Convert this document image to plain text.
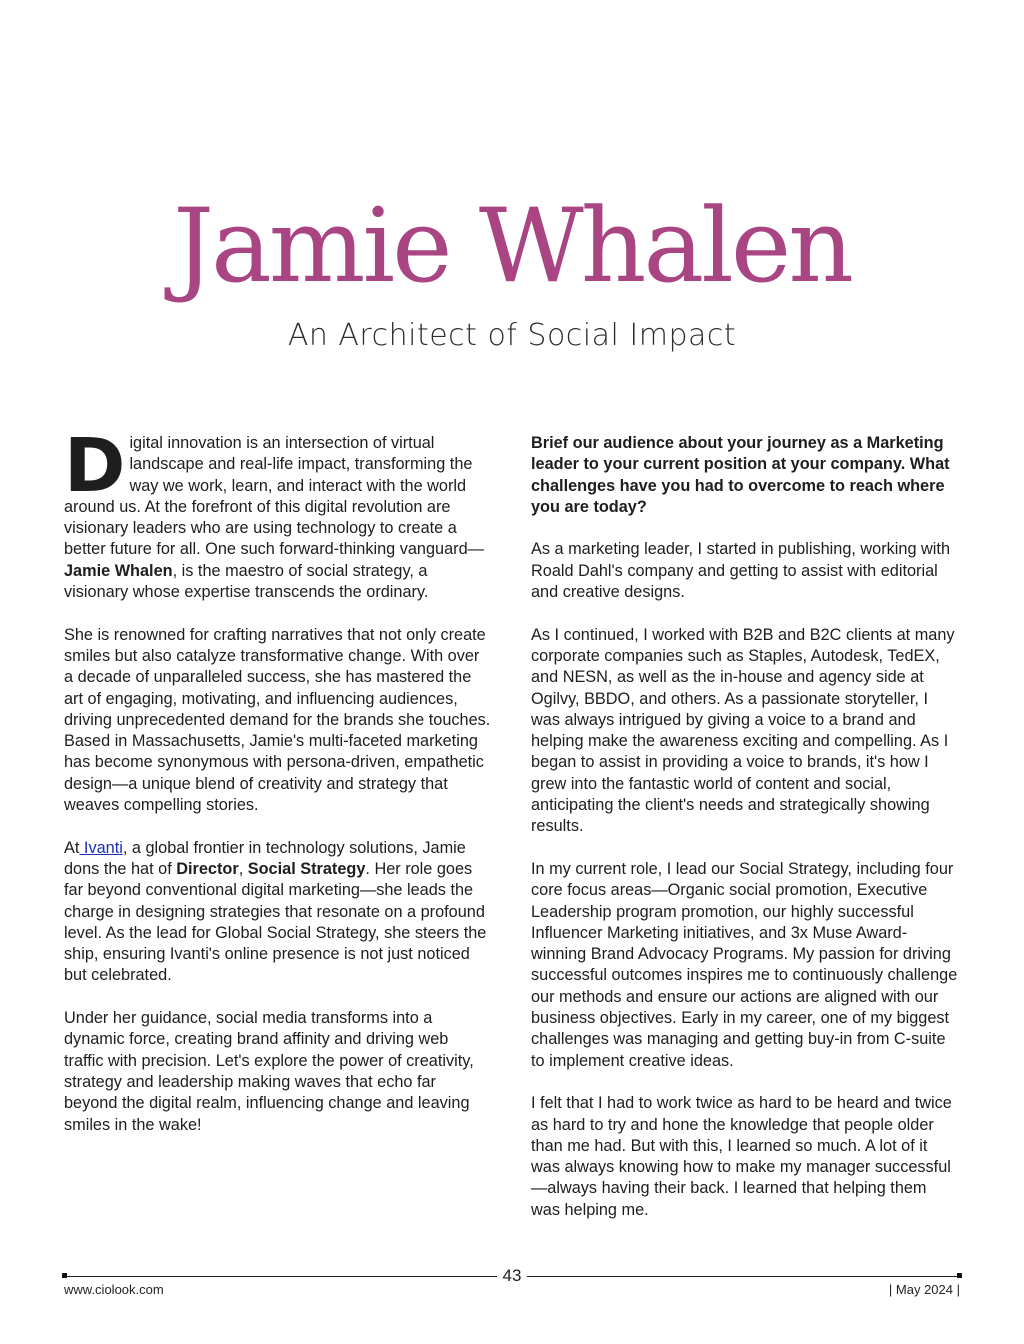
Jamie Whalen
An Architect of Social Impact

Digital innovation is an intersection of virtual landscape and real-life impact, transforming the way we work, learn, and interact with the world around us. At the forefront of this digital revolution are visionary leaders who are using technology to create a better future for all. One such forward-thinking vanguard—Jamie Whalen, is the maestro of social strategy, a visionary whose expertise transcends the ordinary.

She is renowned for crafting narratives that not only create smiles but also catalyze transformative change. With over a decade of unparalleled success, she has mastered the art of engaging, motivating, and influencing audiences, driving unprecedented demand for the brands she touches. Based in Massachusetts, Jamie's multi-faceted marketing has become synonymous with persona-driven, empathetic design—a unique blend of creativity and strategy that weaves compelling stories.

At Ivanti, a global frontier in technology solutions, Jamie dons the hat of Director, Social Strategy. Her role goes far beyond conventional digital marketing—she leads the charge in designing strategies that resonate on a profound level. As the lead for Global Social Strategy, she steers the ship, ensuring Ivanti's online presence is not just noticed but celebrated.

Under her guidance, social media transforms into a dynamic force, creating brand affinity and driving web traffic with precision. Let's explore the power of creativity, strategy and leadership making waves that echo far beyond the digital realm, influencing change and leaving smiles in the wake!

Brief our audience about your journey as a Marketing leader to your current position at your company. What challenges have you had to overcome to reach where you are today?

As a marketing leader, I started in publishing, working with Roald Dahl's company and getting to assist with editorial and creative designs.

As I continued, I worked with B2B and B2C clients at many corporate companies such as Staples, Autodesk, TedEX, and NESN, as well as the in-house and agency side at Ogilvy, BBDO, and others. As a passionate storyteller, I was always intrigued by giving a voice to a brand and helping make the awareness exciting and compelling. As I began to assist in providing a voice to brands, it's how I grew into the fantastic world of content and social, anticipating the client's needs and strategically showing results.

In my current role, I lead our Social Strategy, including four core focus areas—Organic social promotion, Executive Leadership program promotion, our highly successful Influencer Marketing initiatives, and 3x Muse Award-winning Brand Advocacy Programs. My passion for driving successful outcomes inspires me to continuously challenge our methods and ensure our actions are aligned with our business objectives. Early in my career, one of my biggest challenges was managing and getting buy-in from C-suite to implement creative ideas.

I felt that I had to work twice as hard to be heard and twice as hard to try and hone the knowledge that people older than me had. But with this, I learned so much. A lot of it was always knowing how to make my manager successful—always having their back. I learned that helping them was helping me.

43
www.ciolook.com	| May 2024 |
